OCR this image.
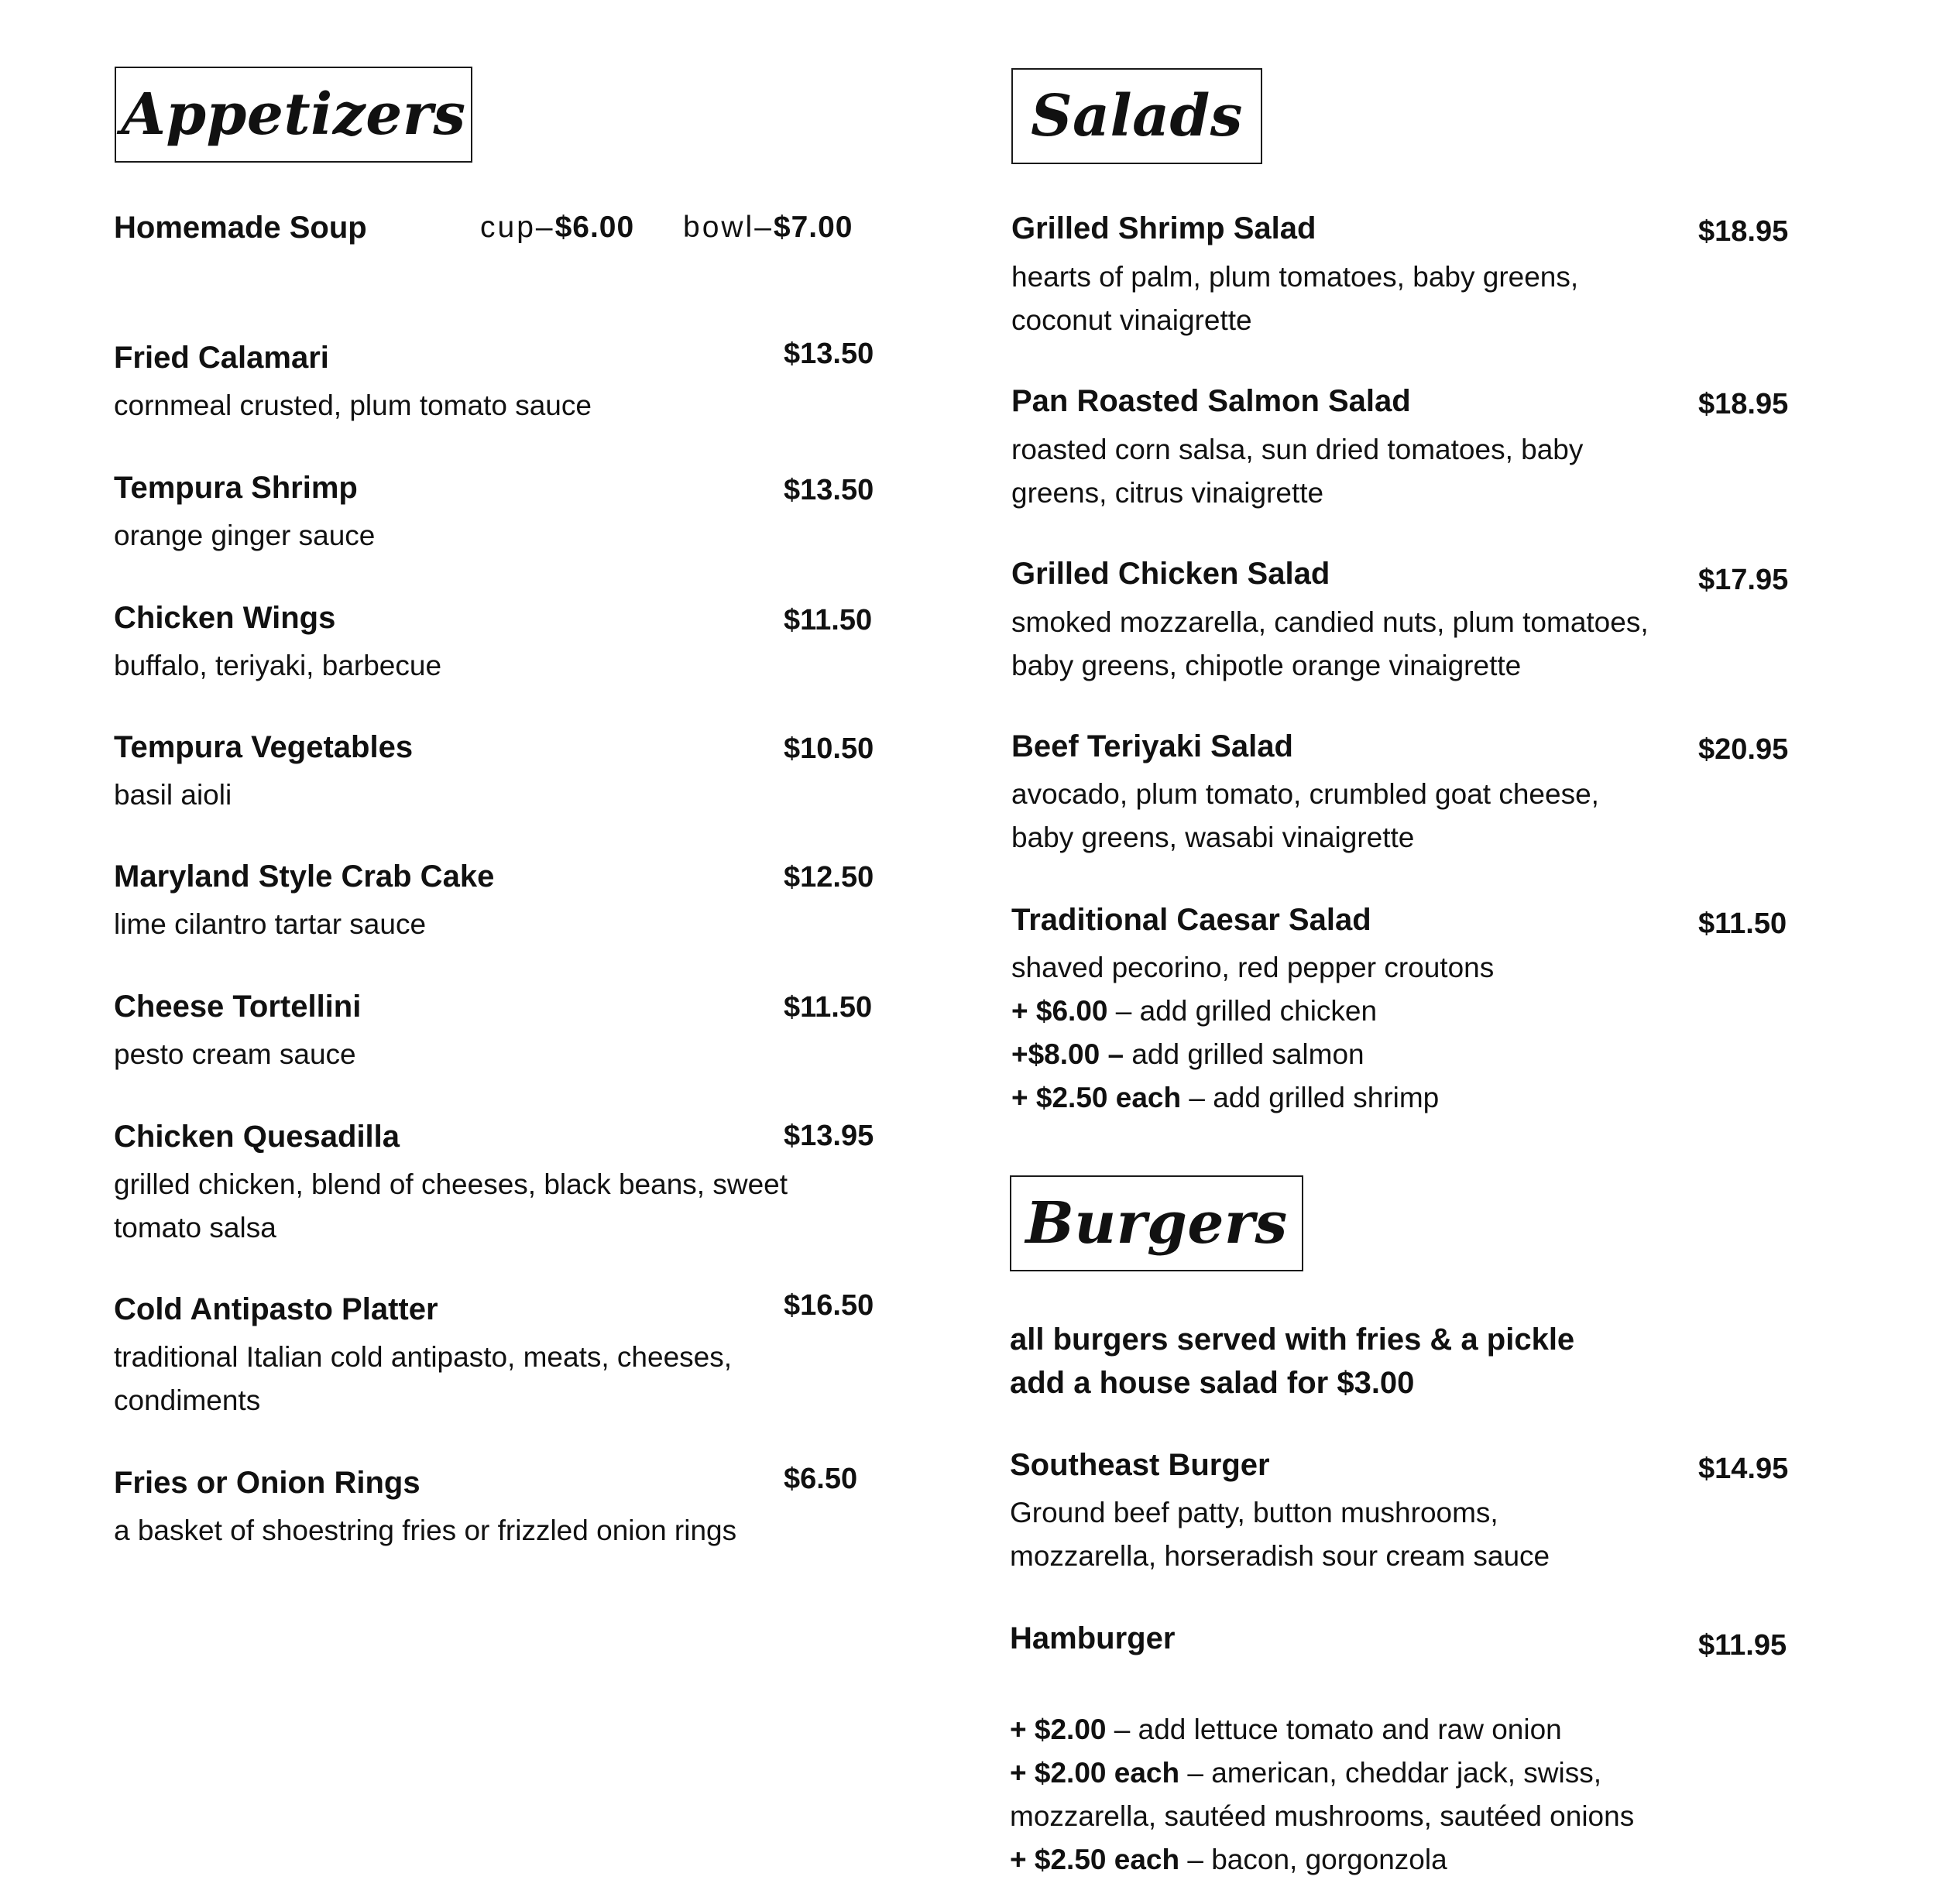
Appetizers
Homemade Soup	cup–$6.00 bowl–$7.00
Fried Calamari	$13.50
cornmeal crusted, plum tomato sauce
Tempura Shrimp	$13.50
orange ginger sauce
Chicken Wings	$11.50
buffalo, teriyaki, barbecue
Tempura Vegetables	$10.50
basil aioli
Maryland Style Crab Cake	$12.50
lime cilantro tartar sauce
Cheese Tortellini	$11.50
pesto cream sauce
Chicken Quesadilla	$13.95
grilled chicken, blend of cheeses, black beans, sweet tomato salsa
Cold Antipasto Platter	$16.50
traditional Italian cold antipasto, meats, cheeses, condiments
Fries or Onion Rings	$6.50
a basket of shoestring fries or frizzled onion rings
Salads
Grilled Shrimp Salad	$18.95
hearts of palm, plum tomatoes, baby greens, coconut vinaigrette
Pan Roasted Salmon Salad	$18.95
roasted corn salsa, sun dried tomatoes, baby greens, citrus vinaigrette
Grilled Chicken Salad	$17.95
smoked mozzarella, candied nuts, plum tomatoes, baby greens, chipotle orange vinaigrette
Beef Teriyaki Salad	$20.95
avocado, plum tomato, crumbled goat cheese, baby greens, wasabi vinaigrette
Traditional Caesar Salad	$11.50
shaved pecorino, red pepper croutons
+ $6.00 – add grilled chicken
+$8.00 – add grilled salmon
+ $2.50 each – add grilled shrimp
Burgers
all burgers served with fries & a pickle
add a house salad for $3.00
Southeast Burger	$14.95
Ground beef patty, button mushrooms, mozzarella, horseradish sour cream sauce
Hamburger	$11.95
+ $2.00 – add lettuce tomato and raw onion
+ $2.00 each – american, cheddar jack, swiss,
mozzarella, sautéed mushrooms, sautéed onions
+ $2.50 each – bacon, gorgonzola
